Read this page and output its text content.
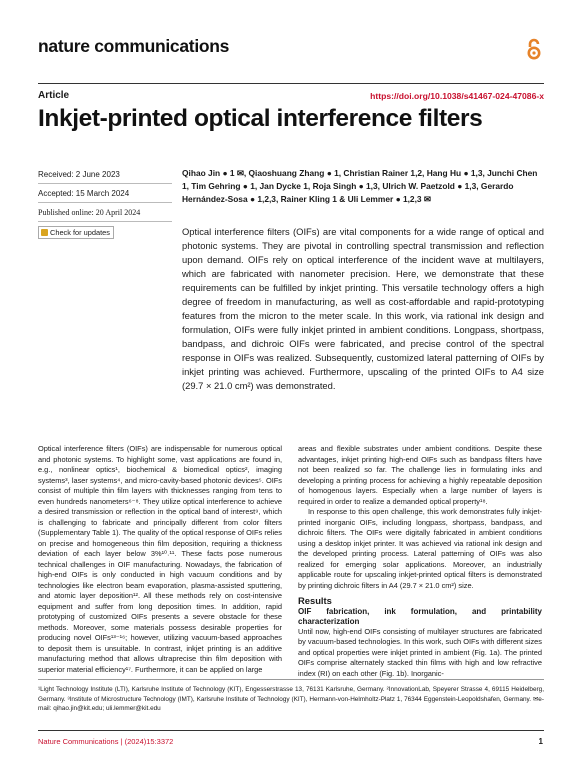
nature communications
Article	https://doi.org/10.1038/s41467-024-47086-x
Inkjet-printed optical interference filters
Received: 2 June 2023
Accepted: 15 March 2024
Published online: 20 April 2024
Check for updates
Qihao Jin ● 1 ✉, Qiaoshuang Zhang ● 1, Christian Rainer 1,2, Hang Hu ● 1,3, Junchi Chen 1, Tim Gehring ● 1, Jan Dycke 1, Roja Singh ● 1,3, Ulrich W. Paetzold ● 1,3, Gerardo Hernández-Sosa ● 1,2,3, Rainer Kling 1 & Uli Lemmer ● 1,2,3 ✉
Optical interference filters (OIFs) are vital components for a wide range of optical and photonic systems. They are pivotal in controlling spectral transmission and reflection upon demand. OIFs rely on optical interference of the incident wave at multilayers, which are fabricated with nanometer precision. Here, we demonstrate that these requirements can be fulfilled by inkjet printing. This versatile technology offers a high degree of freedom in manufacturing, as well as cost-affordable and rapid-prototyping features from the micron to the meter scale. In this work, via rational ink design and formulation, OIFs were fully inkjet printed in ambient conditions. Longpass, shortpass, bandpass, and dichroic OIFs were fabricated, and precise control of the spectral response in OIFs was realized. Subsequently, customized lateral patterning of OIFs by inkjet printing was achieved. Furthermore, upscaling of the printed OIFs to A4 size (29.7 × 21.0 cm²) was demonstrated.

Optical interference filters (OIFs) are indispensable for numerous optical and photonic systems. To highlight some, vast applications are found in, e.g., nonlinear optics¹, biochemical & biomedical optics², imaging systems³, laser systems⁴, and micro-cavity-based photonic devices⁵. OIFs consist of multiple thin film layers with thicknesses ranging from tens to even hundreds nanometers⁶⁻⁸. They utilize optical interference to achieve a desired transmission or reflection in the optical band of interest⁹, which is challenging to fabricate and principally different from color filters (Supplementary Table 1). The quality of the optical response of OIFs relies on precise and homogeneous thin film deposition, requiring a thickness deviation of each layer below 3%¹⁰˒¹¹. These facts pose numerous technical challenges in OIF manufacturing. Nowadays, the fabrication of high-end OIFs is only conducted in high vacuum conditions and by technologies like electron beam evaporation, plasma-assisted sputtering, and atomic layer deposition¹². All these methods rely on cost-intensive equipment and suffer from long deposition times. In addition, rapid prototyping of customized OIFs presents a severe obstacle for these methods. Moreover, some materials possess desirable properties for producing novel OIFs¹³⁻¹⁶; however, utilizing vacuum-based approaches to deposit them is unsuitable. In contrast, inkjet printing is an additive manufacturing method that allows ultraprecise thin film deposition with superior material efficiency¹⁷. Furthermore, it can be applied on large

areas and flexible substrates under ambient conditions. Despite these advantages, inkjet printing high-end OIFs such as bandpass filters have not been realized so far. The challenge lies in formulating inks and developing a printing process for achieving a highly repeatable deposition of homogenous layers. Especially when a large number of layers is required in order to realize a demanded optical property¹⁸.

In response to this open challenge, this work demonstrates fully inkjet-printed inorganic OIFs, including longpass, shortpass, bandpass, and dichroic filters. The OIFs were digitally fabricated in ambient conditions using a desktop inkjet printer. It was achieved via rational ink design and the developed printing process. Lateral patterning of OIFs was also realized for emerging solar applications. Moreover, an industrially applicable route for upscaling inkjet-printed optical filters is demonstrated by printing dichroic filters in A4 (29.7 × 21.0 cm²) size.

Results
OIF fabrication, ink formulation, and printability characterization

Until now, high-end OIFs consisting of multilayer structures are fabricated by vacuum-based technologies. In this work, such OIFs with different sizes and optical properties were inkjet printed in ambient (Fig. 1a). The printed OIFs comprise alternately stacked thin films with high and low refractive index (RI) on each other (Fig. 1b). Inorganic-

¹Light Technology Institute (LTI), Karlsruhe Institute of Technology (KIT), Engesserstrasse 13, 76131 Karlsruhe, Germany. ²InnovationLab, Speyerer Strasse 4, 69115 Heidelberg, Germany. ³Institute of Microstructure Technology (IMT), Karlsruhe Institute of Technology (KIT), Hermann-von-Helmholtz-Platz 1, 76344 Eggenstein-Leopoldshafen, Germany. ✉e-mail: qihao.jin@kit.edu; uli.lemmer@kit.edu
Nature Communications | (2024)15:3372	1
